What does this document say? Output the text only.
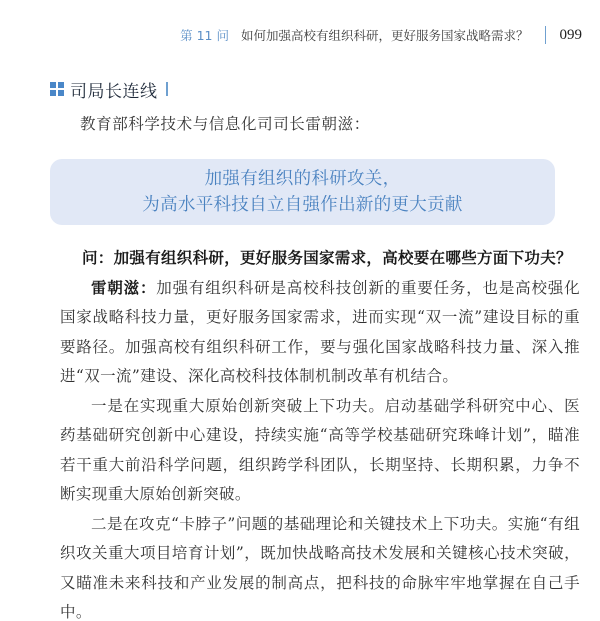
第 11 问 如何加强高校有组织科研，更好服务国家战略需求？ 099
司局长连线
教育部科学技术与信息化司司长雷朝滋：
加强有组织的科研攻关，
为高水平科技自立自强作出新的更大贡献

问：加强有组织科研，更好服务国家需求，高校要在哪些方面下功夫？

雷朝滋：加强有组织科研是高校科技创新的重要任务，也是高校强化国家战略科技力量，更好服务国家需求，进而实现“双一流”建设目标的重要路径。加强高校有组织科研工作，要与强化国家战略科技力量、深入推进“双一流”建设、深化高校科技体制机制改革有机结合。

一是在实现重大原始创新突破上下功夫。启动基础学科研究中心、医药基础研究创新中心建设，持续实施“高等学校基础研究珠峰计划”，瞄准若干重大前沿科学问题，组织跨学科团队，长期坚持、长期积累，力争不断实现重大原始创新突破。

二是在攻克“卡脖子”问题的基础理论和关键技术上下功夫。实施“有组织攻关重大项目培育计划”，既加快战略高技术发展和关键核心技术突破，又瞄准未来科技和产业发展的制高点，把科技的命脉牢牢地掌握在自己手中。
